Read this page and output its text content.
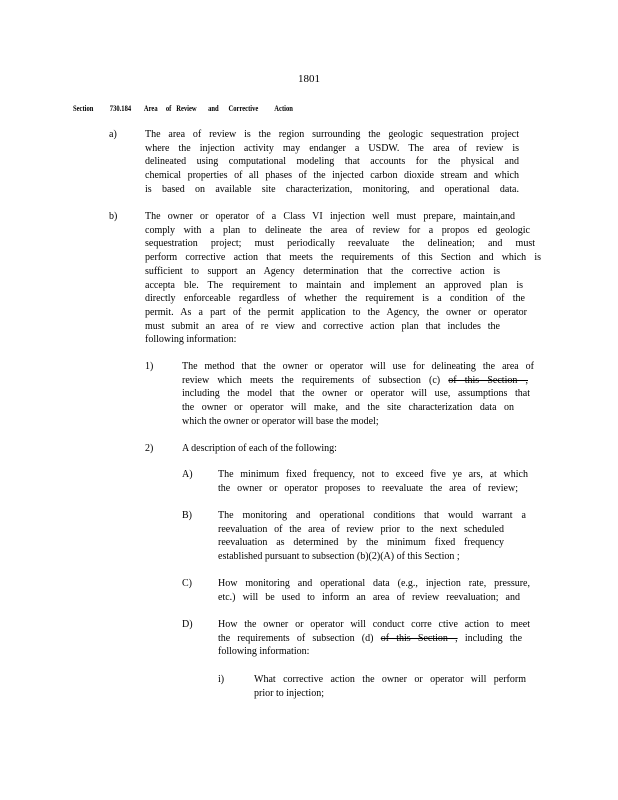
1801
Section 730.184 Area of Review and Corrective Action
a)	The area of review is the region surrounding the geologic sequestration project
where the injection activity may endanger a USDW. The area of review is
delineated using computational modeling that accounts for the physical and
chemical properties of all phases of the injected carbon dioxide stream and which
is based on available site characterization, monitoring, and operational data.
b)	The owner or operator of a Class VI injection well must prepare, maintain,and
comply with a plan to delineate the area of review for a propos ed geologic
sequestration project; must periodically reevaluate the delineation; and must
perform corrective action that meets the requirements of this Section and which is
sufficient to support an Agency determination that the corrective action is
accepta ble. The requirement to maintain and implement an approved plan is
directly enforceable regardless of whether the requirement is a condition of the
permit. As a part of the permit application to the Agency, the owner or operator
must submit an area of re view and corrective action plan that includes the
following information:
1)	The method that the owner or operator will use for delineating the area of
review which meets the requirements of subsection (c) of this Section ,
including the model that the owner or operator will use, assumptions that
the owner or operator will make, and the site characterization data on
which the owner or operator will base the model;
2)	A description of each of the following:
A)	The minimum fixed frequency, not to exceed five ye ars, at which
the owner or operator proposes to reevaluate the area of review;
B)	The monitoring and operational conditions that would warrant a
reevaluation of the area of review prior to the next scheduled
reevaluation as determined by the minimum fixed frequency
established pursuant to subsection (b)(2)(A) of this Section ;
C)	How monitoring and operational data (e.g., injection rate, pressure,
etc.) will be used to inform an area of review reevaluation; and
D)	How the owner or operator will conduct corre ctive action to meet
the requirements of subsection (d) of this Section , including the
following information:
i)	What corrective action the owner or operator will perform
prior to injection;
